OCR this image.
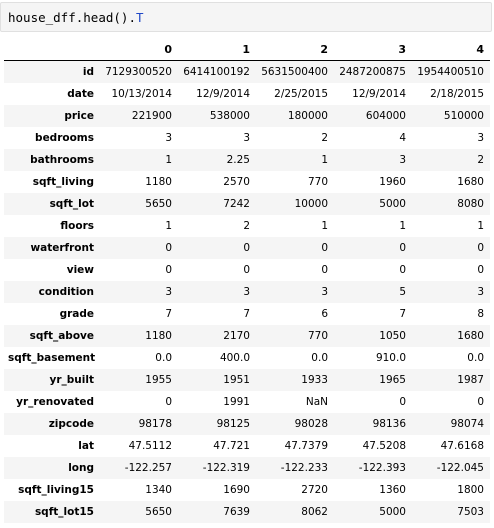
house_dff.head().T
	0	1	2	3	4
id	7129300520	6414100192	5631500400	2487200875	1954400510
date	10/13/2014	12/9/2014	2/25/2015	12/9/2014	2/18/2015
price	221900	538000	180000	604000	510000
bedrooms	3	3	2	4	3
bathrooms	1	2.25	1	3	2
sqft_living	1180	2570	770	1960	1680
sqft_lot	5650	7242	10000	5000	8080
floors	1	2	1	1	1
waterfront	0	0	0	0	0
view	0	0	0	0	0
condition	3	3	3	5	3
grade	7	7	6	7	8
sqft_above	1180	2170	770	1050	1680
sqft_basement	0.0	400.0	0.0	910.0	0.0
yr_built	1955	1951	1933	1965	1987
yr_renovated	0	1991	NaN	0	0
zipcode	98178	98125	98028	98136	98074
lat	47.5112	47.721	47.7379	47.5208	47.6168
long	-122.257	-122.319	-122.233	-122.393	-122.045
sqft_living15	1340	1690	2720	1360	1800
sqft_lot15	5650	7639	8062	5000	7503
